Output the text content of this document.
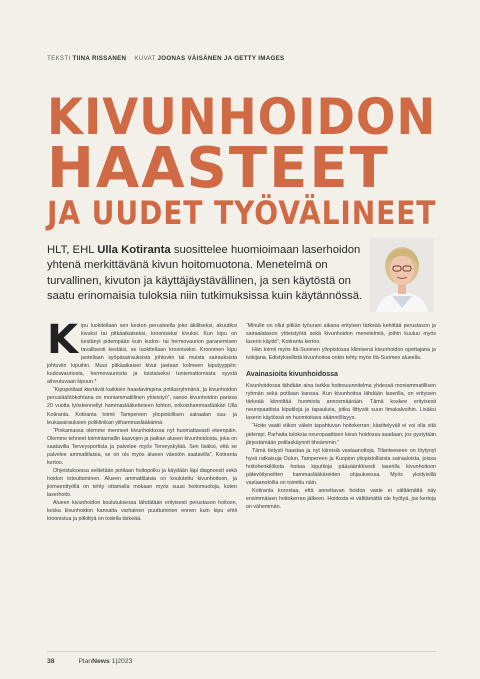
TEKSTI TIINA RISSANEN KUVAT JOONAS VÄISÄNEN JA GETTY IMAGES
KIVUNHOIDON
HAASTEET
JA UUDET TYÖVÄLINEET
HLT, EHL Ulla Kotiranta suosittelee huomioimaan laserhoidon yhtenä merkittävänä kivun hoitomuotona. Menetelmä on turvallinen, kivuton ja käyttäjäystävällinen, ja sen käytöstä on saatu erinomaisia tuloksia niin tutkimuksissa kuin käytännössä.

Kipu luokitellaan sen keston perusteella joko äkilliseksi, akuutiksi kivuksi tai pitkäaikaiseksi, krooniseksi kivuksi. Kun kipu on kestänyt pidempään kuin kudos- tai hermovaurion paranemisen tavallisesti kestäisi, se luokitellaan krooniseksi. Krooninen kipu jaotellaan syöpäsairauksista johtuviin tai muista sairauksista johtuviin kipuihin. Muut pitkäaikaiset kivut jaetaan kolmeen kiputyyppiin: kudosvauriosta, hermovauriosta ja toistaiseksi tuntemattomasta syystä aiheutuvaan kipuun.*

“Kipupotilaat kiertävät kaikkein haastavimpina potilasryhmänä, ja kivunhoidon perusläähtökohtana on moniammatillinen yhteistyö”, sanoo kivunhoidon parissa 20 vuotta työskennellyt hammaslääketieteen tohtori, erikoishammaslääkäri Ulla Kotiranta. Kotiranta toimii Tampereen yliopistollisen sairaalan suu- ja leukasairauksien poliklinikan ylihammaslääkärinä.

“Pinkamassa olemme menneet kivunhoidossa nyt huomattavasti eteenpäin. Olemme tehneet toimintamallin kaavojen ja paikan alueen kivunhoidosta, joka on saatavilla Terveysportista ja palvelee myös Terveyskylää. Sen lisäksi, että se palvelee ammattilaisia, se on ols myös alueen väestön saatavilla”, Kotiranta kertoo.

Ohjeistuksessa selitetään potilaan hoitopolku ja käydään läpi diagnoosit sekä hoidon toteuttaminen. Alueen ammattilaisia on koulutettu kivunhoitoon, ja jiomeenttyöllä on tehty ottamalla mokaan myös suusi hoitomuotoja, kuten laserhoito.

Alueen kivunhoidon koulutuksessa tähdätään erityisesti perustason hoitoon, koska kivunhoidon kannalta varhainen puuttuminen ennen kuin kipu ehtii kroonistua ja pitkittyä on todella tärkeää.

“Minulle on ollut pitkän työurani aikana erityisen tärkeää kehittää perustason ja sairaalatason yhteistyötä sekä kivunhoidon menetelmiä, joihin kuuluu myös laserin käyttö”, Kotiranta kertoo.

Hän toimii myös Itä-Suomen yliopistossa kliinisenä kivunhoidon opettajana ja tutkijana. Edistyksellistä kivunhoitoa onkin tehty myös Itä-Suomen alueella.

Avainasioita kivunhoidossa

Kivunhoidossa tähdään aina tarkka hoitosuunnitelma yhdessä moniammatillisen ryhmän sekä potilaan kanssa. Kun kivunhoitoa lähdään laserilla, on erityisen tärkeää kiinnittää huomiota annosmäärään. Tämä koskee erityisesti neuropaattisia kiputiloja ja tapauksia, jotka liittyvät suun limakalvoihin. Lisäksi laserin käytössä on huomioitava säännöllisyys.

“Hoito vaatii viikon välein tapahtuvan hoitokerran; käsittelyväli ei voi olla sitä pidempi. Parhaita tuloksia neuropaattisen kivun hoidossa saadaan, jos pystytään järjestämään potilaskäynnit tiheämmin.”

Tämä tietysti haastaa ja nyt kiireisiä vastaanottoja. Tilanteeseen on löytynyt hyvä ratkaisuja Oulun, Tampereen ja Kuopion yliopistollisista sairaaloista, joissa hoitohenkilöksta hoitaa kiputiloja pääsääntöisesti laserilla kivunhoitoon pätevöityneitten hammaslääkäreiden ohjauksessa. Myös yksityisillä vastaanotoilla on toimittu näin.

Kotiranta korostaa, että annettavan hoidon vaste ei välttämättä näy ensimmäisen hoitokerran jälkeen. Hoidosta ei välttämättä ole hyötyä, jos kertoja on vähemmän.

38	PlanNews 1|2023
